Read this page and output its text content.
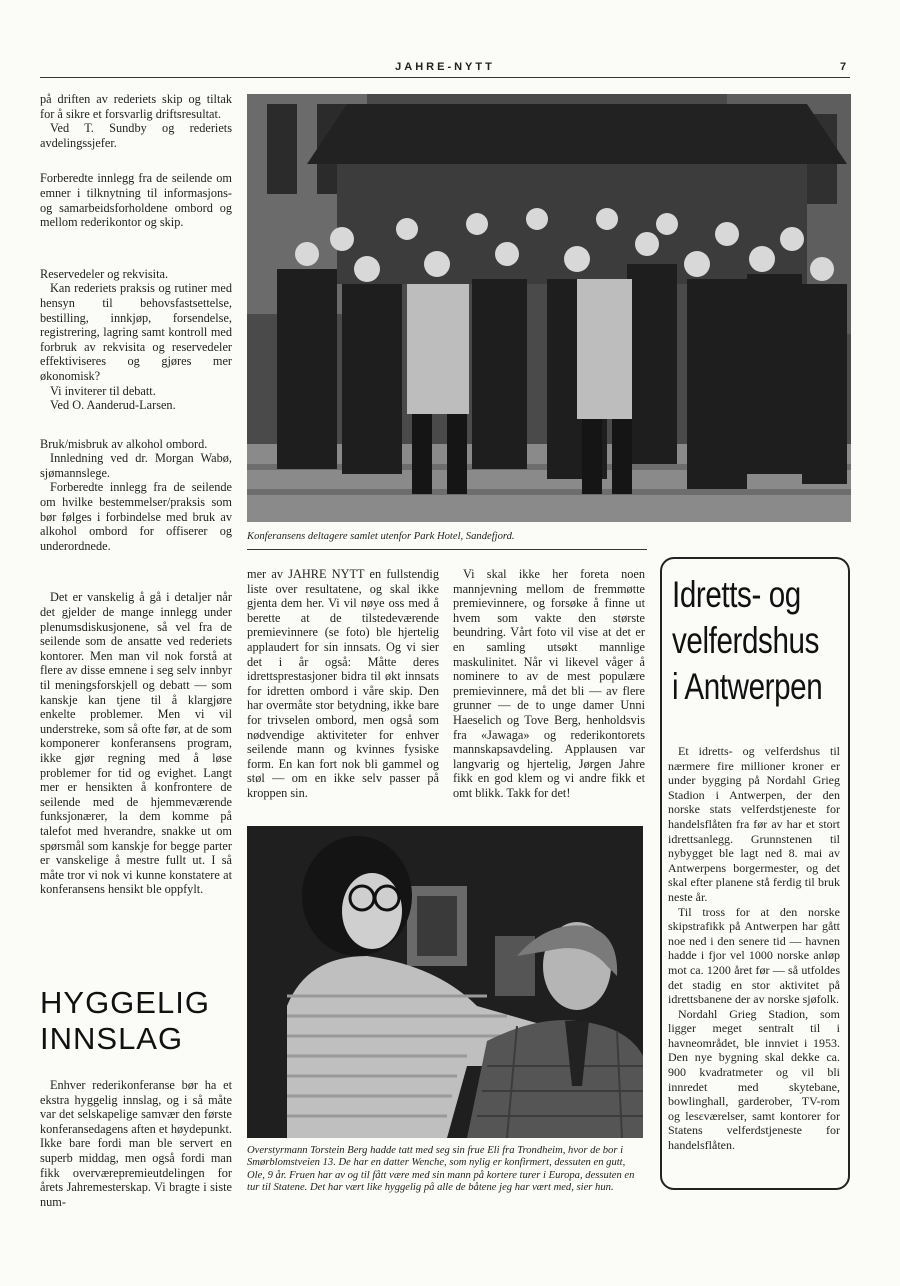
JAHRE-NYTT	7

på driften av rederiets skip og tiltak for å sikre et forsvarlig driftsresultat.

Ved T. Sundby og rederiets avdelingssjefer.

Forberedte innlegg fra de seilende om emner i tilknytning til informasjons- og samarbeidsforholdene ombord og mellom rederikontor og skip.

Reservedeler og rekvisita.

Kan rederiets praksis og rutiner med hensyn til behovsfastsettelse, bestilling, innkjøp, forsendelse, registrering, lagring samt kontroll med forbruk av rekvisita og reservedeler effektiviseres og gjøres mer økonomisk?

Vi inviterer til debatt.

Ved O. Aanderud-Larsen.

Bruk/misbruk av alkohol ombord.

Innledning ved dr. Morgan Wabø, sjømannslege.

Forberedte innlegg fra de seilende om hvilke bestemmelser/praksis som bør følges i forbindelse med bruk av alkohol ombord for offiserer og underordnede.

Det er vanskelig å gå i detaljer når det gjelder de mange innlegg under plenumsdiskusjonene, så vel fra de seilende som de ansatte ved rederiets kontorer. Men man vil nok forstå at flere av disse emnene i seg selv innbyr til meningsforskjell og debatt — som kanskje kan tjene til å klargjøre enkelte problemer. Men vi vil understreke, som så ofte før, at de som komponerer konferansens program, ikke gjør regning med å løse problemer for tid og evighet. Langt mer er hensikten å konfrontere de seilende med de hjemmeværende funksjonærer, la dem komme på talefot med hverandre, snakke ut om spørsmål som kanskje for begge parter er vanskelige å mestre fullt ut. I så måte tror vi nok vi kunne konstatere at konferansens hensikt ble oppfylt.

HYGGELIG
INNSLAG

Enhver rederikonferanse bør ha et ekstra hyggelig innslag, og i så måte var det selskapelige samvær den første konferansedagens aften et høydepunkt. Ikke bare fordi man ble servert en superb middag, men også fordi man fikk overværepremieutdelingen for årets Jahremesterskap. Vi bragte i siste num-

Konferansens deltagere samlet utenfor Park Hotel, Sandefjord.

mer av JAHRE NYTT en fullstendig liste over resultatene, og skal ikke gjenta dem her. Vi vil nøye oss med å berette at de tilstedeværende premievinnere (se foto) ble hjertelig applaudert for sin innsats. Og vi sier det i år også: Måtte deres idrettsprestasjoner bidra til økt innsats for idretten ombord i våre skip. Den har overmåte stor betydning, ikke bare for trivselen ombord, men også som nødvendige aktiviteter for enhver seilende mann og kvinnes fysiske form. En kan fort nok bli gammel og støl — om en ikke selv passer på kroppen sin.

Vi skal ikke her foreta noen mannjevning mellom de fremmøtte premievinnere, og forsøke å finne ut hvem som vakte den største beundring. Vårt foto vil vise at det er en samling utsøkt mannlige maskulinitet. Når vi likevel våger å nominere to av de mest populære premievinnere, må det bli — av flere grunner — de to unge damer Unni Haeselich og Tove Berg, henholdsvis fra «Jawaga» og rederikontorets mannskapsavdeling. Applausen var langvarig og hjertelig, Jørgen Jahre fikk en god klem og vi andre fikk et omt blikk. Takk for det!

Overstyrmann Torstein Berg hadde tatt med seg sin frue Eli fra Trondheim, hvor de bor i Smørblomstveien 13. De har en datter Wenche, som nylig er konfirmert, dessuten en gutt, Ole, 9 år. Fruen har av og til fått være med sin mann på kortere turer i Europa, dessuten en tur til Statene. Det har vært like hyggelig på alle de båtene jeg har vært med, sier hun.
Idretts- og
velferdshus
i Antwerpen

Et idretts- og velferdshus til nærmere fire millioner kroner er under bygging på Nordahl Grieg Stadion i Antwerpen, der den norske stats velferdstjeneste for handelsflåten fra før av har et stort idrettsanlegg. Grunnstenen til nybygget ble lagt ned 8. mai av Antwerpens borgermester, og det skal efter planene stå ferdig til bruk neste år.

Til tross for at den norske skipstrafikk på Antwerpen har gått noe ned i den senere tid — havnen hadde i fjor vel 1000 norske anløp mot ca. 1200 året før — så utfoldes det stadig en stor aktivitet på idrettsbanene der av norske sjøfolk.

Nordahl Grieg Stadion, som ligger meget sentralt til i havneområdet, ble innviet i 1953. Den nye bygning skal dekke ca. 900 kvadratmeter og vil bli innredet med skytebane, bowlinghall, garderober, TV-rom og lesεværelser, samt kontorer for Statens velferdstjeneste for handelsflåten.
